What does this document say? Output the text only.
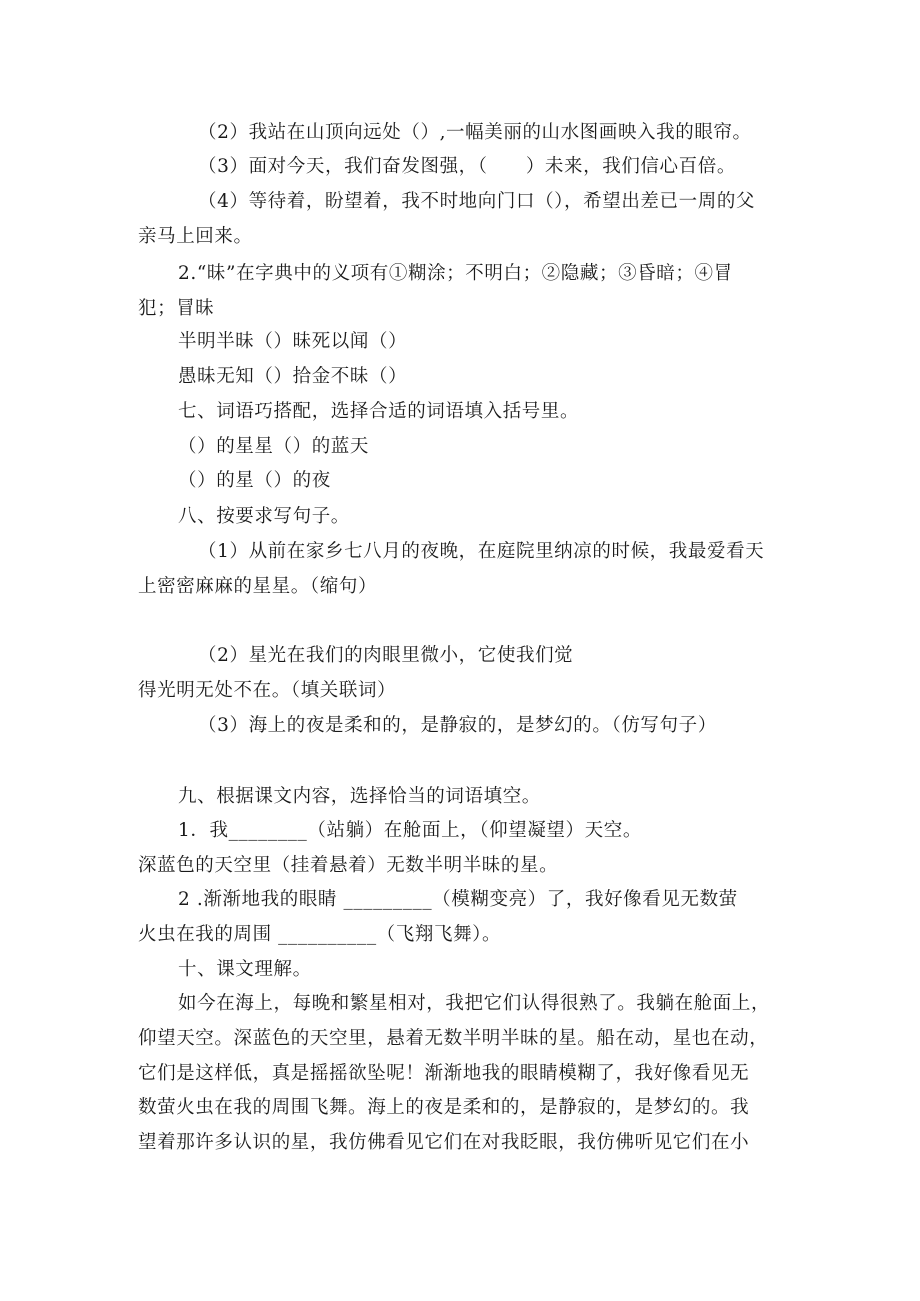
（2）我站在山顶向远处（）,一幅美丽的山水图画映入我的眼帘。
（3）面对今天，我们奋发图强，（　　）未来，我们信心百倍。
（4）等待着，盼望着，我不时地向门口（），希望出差已一周的父
亲马上回来。
2.“昧”在字典中的义项有①糊涂；不明白；②隐藏；③昏暗；④冒
犯；冒昧
半明半昧（）昧死以闻（）
愚昧无知（）拾金不昧（）
七、词语巧搭配，选择合适的词语填入括号里。
（）的星星（）的蓝天
（）的星（）的夜
八、按要求写句子。
（1）从前在家乡七八月的夜晚，在庭院里纳凉的时候，我最爱看天
上密密麻麻的星星。（缩句）
（2）星光在我们的肉眼里微小，它使我们觉
得光明无处不在。（填关联词）
（3）海上的夜是柔和的，是静寂的，是梦幻的。（仿写句子）
九、根据课文内容，选择恰当的词语填空。
1．我________（站躺）在舱面上，（仰望凝望）天空。
深蓝色的天空里（挂着悬着）无数半明半昧的星。
2 .渐渐地我的眼睛 _________（模糊变亮）了，我好像看见无数萤
火虫在我的周围 __________（飞翔飞舞）。
十、课文理解。
如今在海上，每晚和繁星相对，我把它们认得很熟了。我躺在舱面上，
仰望天空。深蓝色的天空里，悬着无数半明半昧的星。船在动，星也在动，
它们是这样低，真是摇摇欲坠呢！渐渐地我的眼睛模糊了，我好像看见无
数萤火虫在我的周围飞舞。海上的夜是柔和的，是静寂的，是梦幻的。我
望着那许多认识的星，我仿佛看见它们在对我眨眼，我仿佛听见它们在小
